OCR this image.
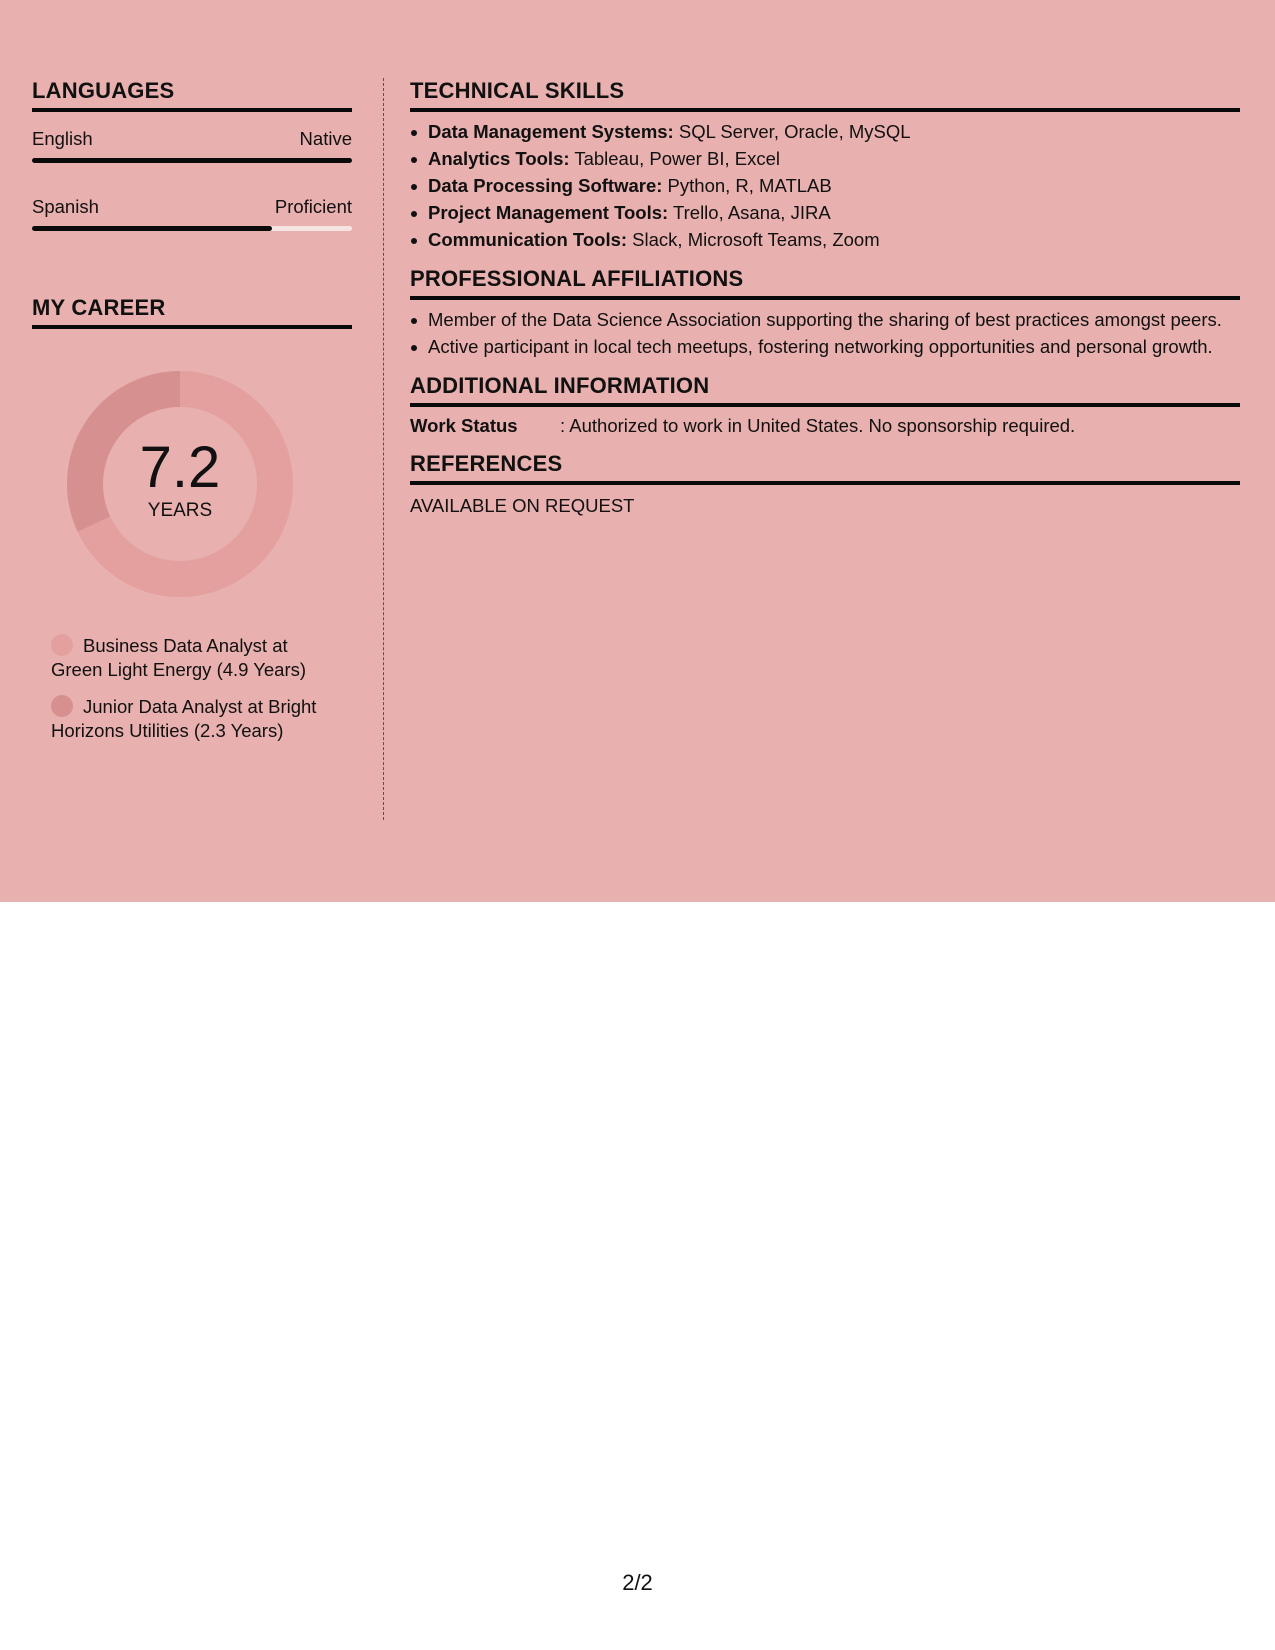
LANGUAGES
English	Native
Spanish	Proficient
MY CAREER
7.2
YEARS
Business Data Analyst at Green Light Energy (4.9 Years)
Junior Data Analyst at Bright Horizons Utilities (2.3 Years)
TECHNICAL SKILLS
Data Management Systems: SQL Server, Oracle, MySQL
Analytics Tools: Tableau, Power BI, Excel
Data Processing Software: Python, R, MATLAB
Project Management Tools: Trello, Asana, JIRA
Communication Tools: Slack, Microsoft Teams, Zoom
PROFESSIONAL AFFILIATIONS
Member of the Data Science Association supporting the sharing of best practices amongst peers.
Active participant in local tech meetups, fostering networking opportunities and personal growth.
ADDITIONAL INFORMATION
Work Status	: Authorized to work in United States. No sponsorship required.
REFERENCES
AVAILABLE ON REQUEST
2/2
